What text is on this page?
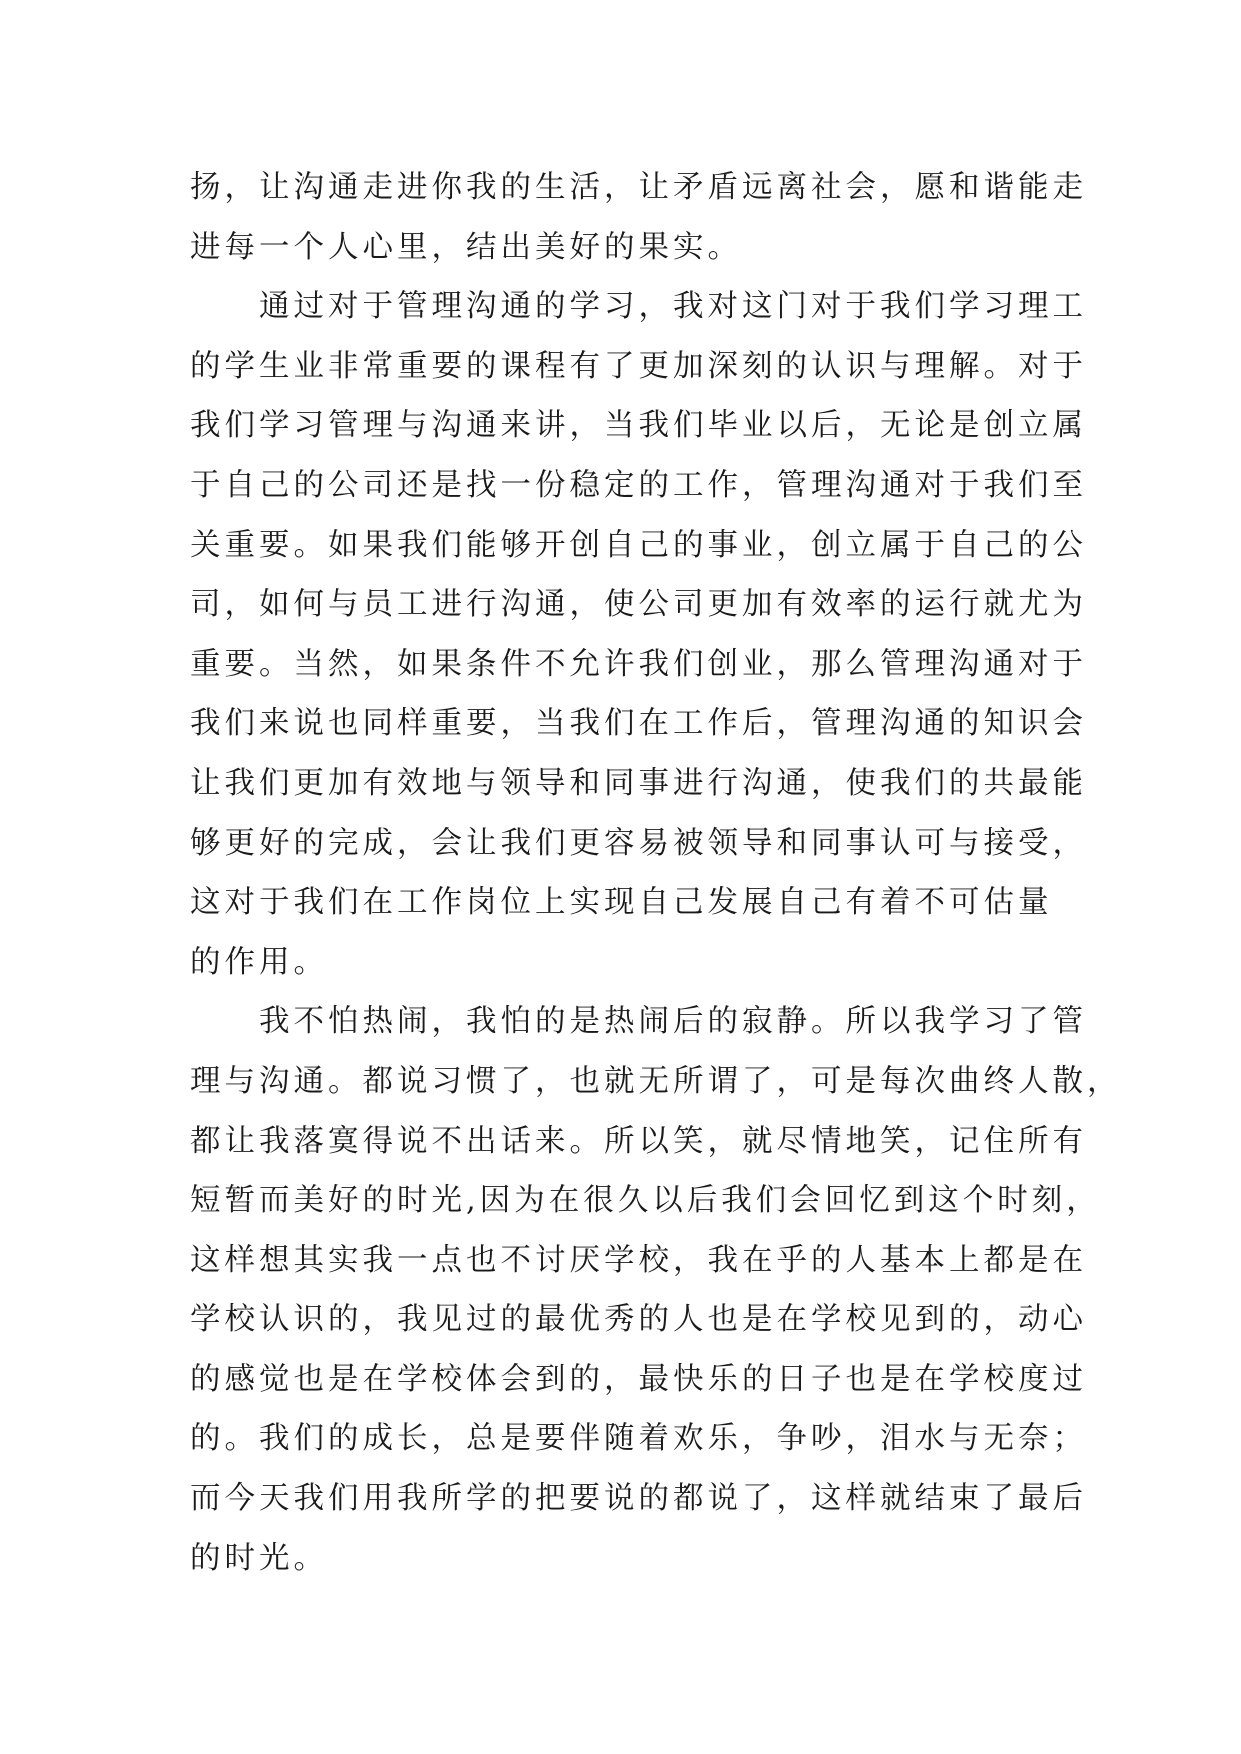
扬，让沟通走进你我的生活，让矛盾远离社会，愿和谐能走
进每一个人心里，结出美好的果实。
通过对于管理沟通的学习，我对这门对于我们学习理工
的学生业非常重要的课程有了更加深刻的认识与理解。对于
我们学习管理与沟通来讲，当我们毕业以后，无论是创立属
于自己的公司还是找一份稳定的工作，管理沟通对于我们至
关重要。如果我们能够开创自己的事业，创立属于自己的公
司，如何与员工进行沟通，使公司更加有效率的运行就尤为
重要。当然，如果条件不允许我们创业，那么管理沟通对于
我们来说也同样重要，当我们在工作后，管理沟通的知识会
让我们更加有效地与领导和同事进行沟通，使我们的共最能
够更好的完成，会让我们更容易被领导和同事认可与接受，
这对于我们在工作岗位上实现自己发展自己有着不可估量
的作用。
我不怕热闹，我怕的是热闹后的寂静。所以我学习了管
理与沟通。都说习惯了，也就无所谓了，可是每次曲终人散，
都让我落寞得说不出话来。所以笑，就尽情地笑，记住所有
短暂而美好的时光,因为在很久以后我们会回忆到这个时刻，
这样想其实我一点也不讨厌学校，我在乎的人基本上都是在
学校认识的，我见过的最优秀的人也是在学校见到的，动心
的感觉也是在学校体会到的，最快乐的日子也是在学校度过
的。我们的成长，总是要伴随着欢乐，争吵，泪水与无奈；
而今天我们用我所学的把要说的都说了，这样就结束了最后
的时光。
